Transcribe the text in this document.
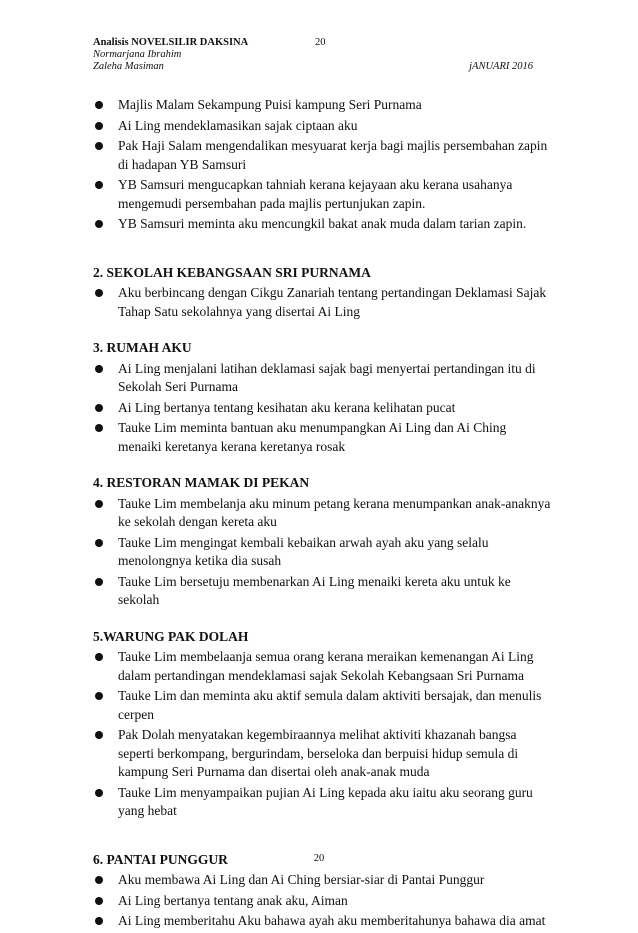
Analisis NOVELSILIR DAKSINA	20
Normarjana Ibrahim
Zaleha Masiman	jANUARI 2016
Majlis Malam Sekampung Puisi kampung Seri Purnama
Ai Ling mendeklamasikan sajak ciptaan aku
Pak Haji Salam mengendalikan mesyuarat kerja bagi majlis persembahan zapin di hadapan YB Samsuri
YB Samsuri mengucapkan tahniah kerana kejayaan aku kerana usahanya mengemudi persembahan pada majlis pertunjukan zapin.
YB Samsuri meminta aku mencungkil bakat anak muda dalam tarian zapin.
2. SEKOLAH KEBANGSAAN SRI PURNAMA
Aku berbincang dengan Cikgu Zanariah tentang pertandingan Deklamasi Sajak Tahap Satu sekolahnya yang disertai Ai Ling
3. RUMAH AKU
Ai Ling menjalani latihan deklamasi sajak bagi menyertai pertandingan itu di Sekolah Seri Purnama
Ai Ling bertanya tentang kesihatan aku kerana kelihatan pucat
Tauke Lim meminta bantuan aku menumpangkan Ai Ling dan Ai Ching menaiki keretanya kerana keretanya rosak
4. RESTORAN MAMAK DI PEKAN
Tauke Lim membelanja aku minum petang kerana menumpankan anak-anaknya ke sekolah dengan kereta aku
Tauke Lim mengingat kembali kebaikan arwah ayah aku yang selalu menolongnya ketika dia susah
Tauke Lim bersetuju membenarkan Ai Ling menaiki kereta aku untuk ke sekolah
5.WARUNG PAK DOLAH
Tauke Lim membelaanja semua orang kerana meraikan kemenangan Ai Ling dalam pertandingan mendeklamasi sajak Sekolah Kebangsaan Sri Purnama
Tauke Lim dan meminta aku aktif semula dalam aktiviti bersajak, dan menulis cerpen
Pak Dolah menyatakan kegembiraannya melihat aktiviti khazanah bangsa seperti berkompang, bergurindam, berseloka dan berpuisi hidup semula di kampung Seri Purnama dan disertai oleh anak-anak muda
Tauke Lim menyampaikan pujian Ai Ling kepada aku iaitu aku seorang guru yang hebat
6. PANTAI PUNGGUR
Aku membawa Ai Ling dan Ai Ching bersiar-siar di Pantai Punggur
Ai Ling bertanya tentang anak aku, Aiman
Ai Ling memberitahu Aku bahawa ayah aku memberitahunya bahawa dia amat
20
